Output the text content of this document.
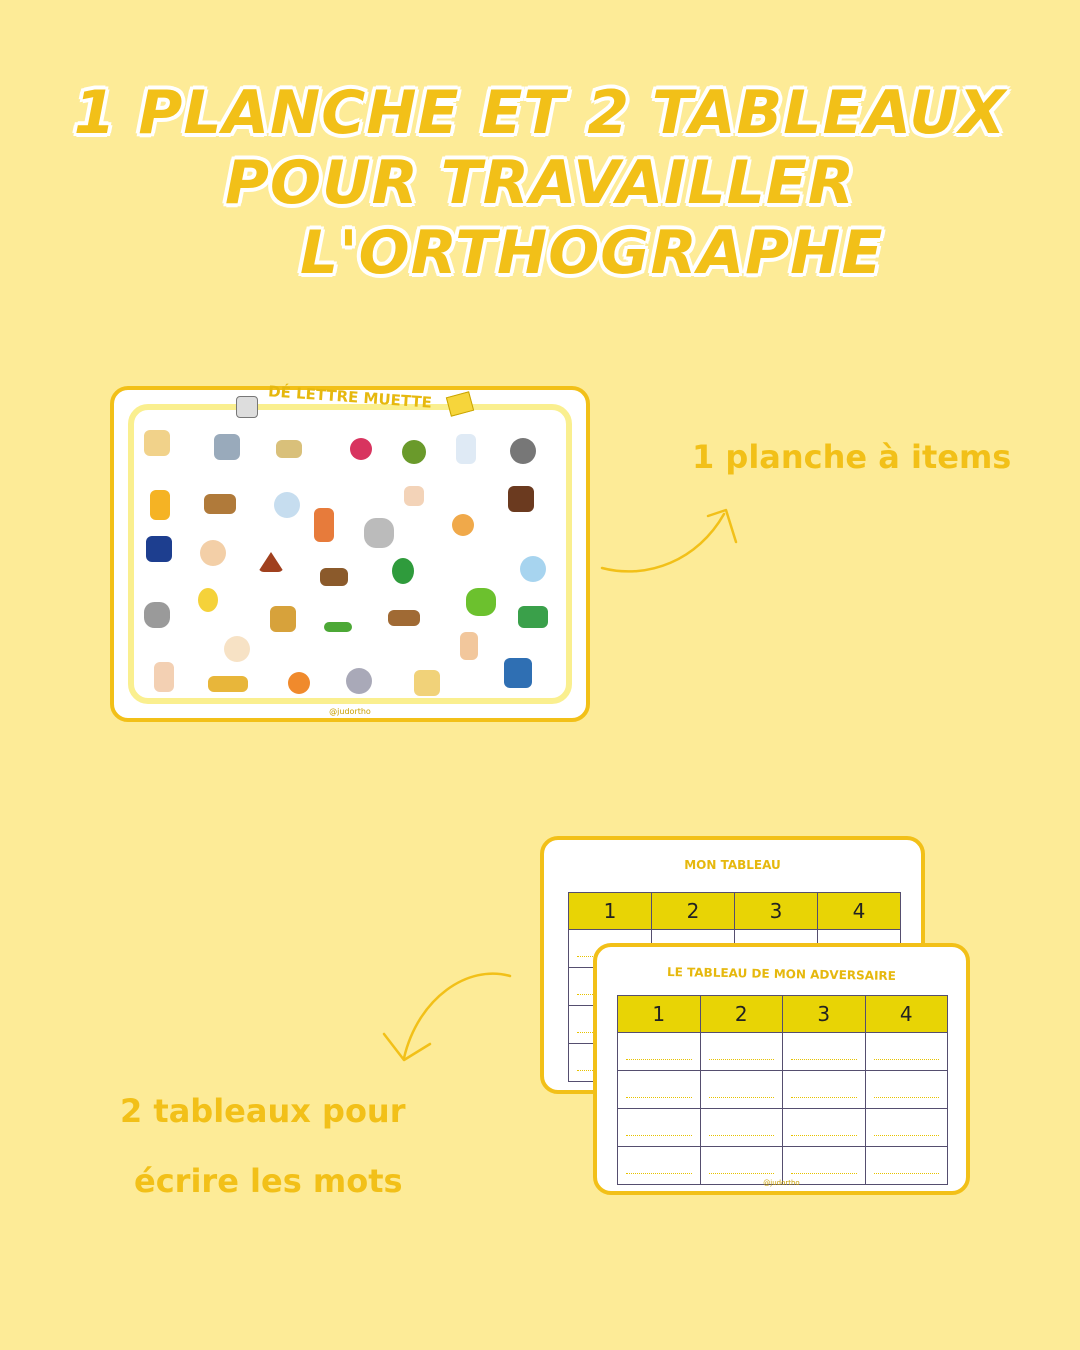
1 PLANCHE ET 2 TABLEAUX
POUR TRAVAILLER
L'ORTHOGRAPHE
DÉ LETTRE MUETTE
@judortho
1 planche à items
MON TABLEAU
1	2	3	4

LE TABLEAU DE MON ADVERSAIRE
1	2	3	4

@judortho
2 tableaux pour
écrire les mots
